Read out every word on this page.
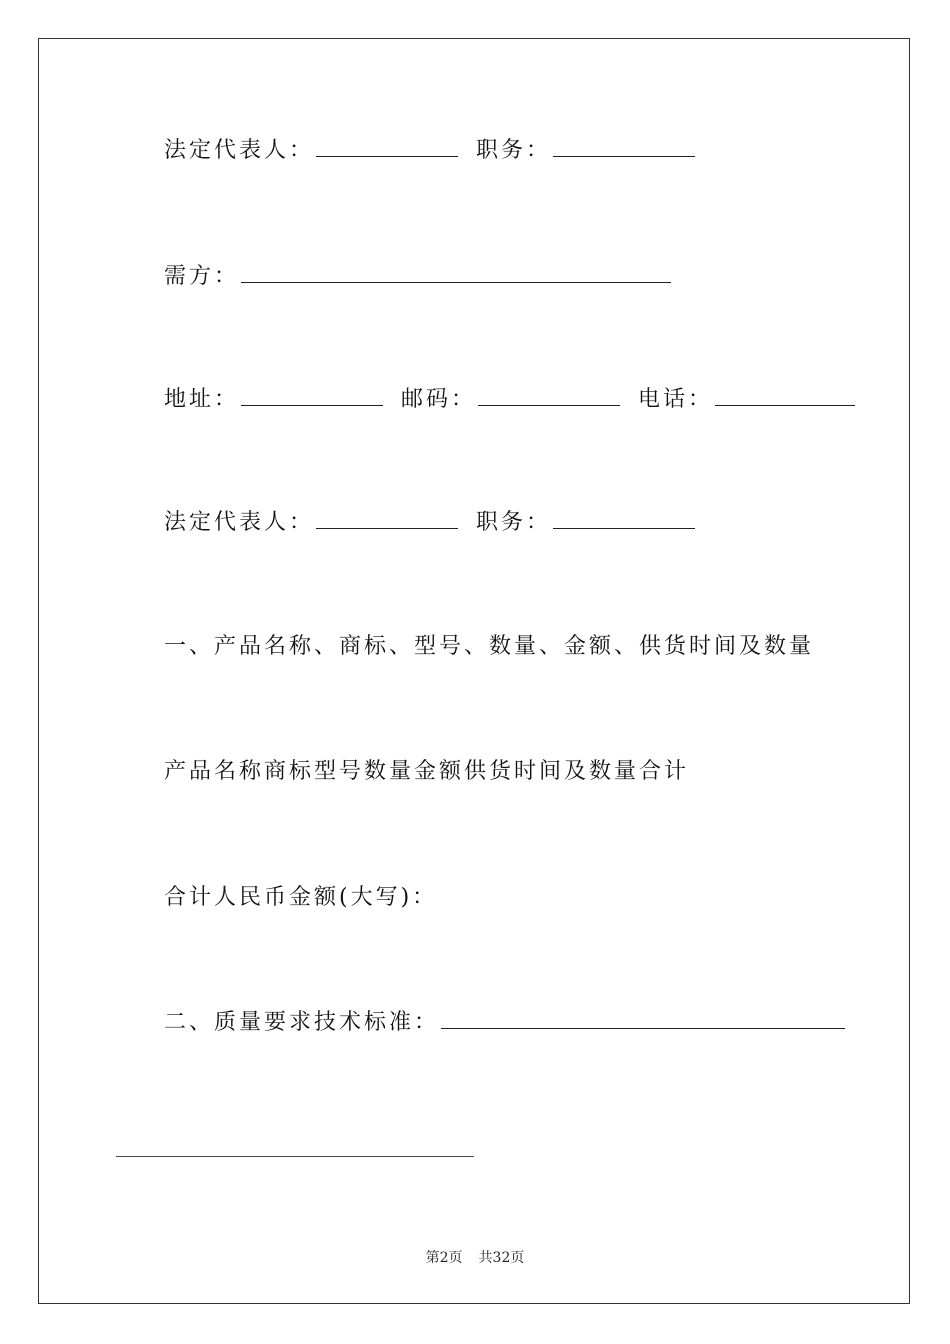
法定代表人：	职务：
需方：
地址：	邮码：	电话：
法定代表人：	职务：
一、产品名称、商标、型号、数量、金额、供货时间及数量
产品名称商标型号数量金额供货时间及数量合计
合计人民币金额(大写)：
二、质量要求技术标准：
第2页 共32页
